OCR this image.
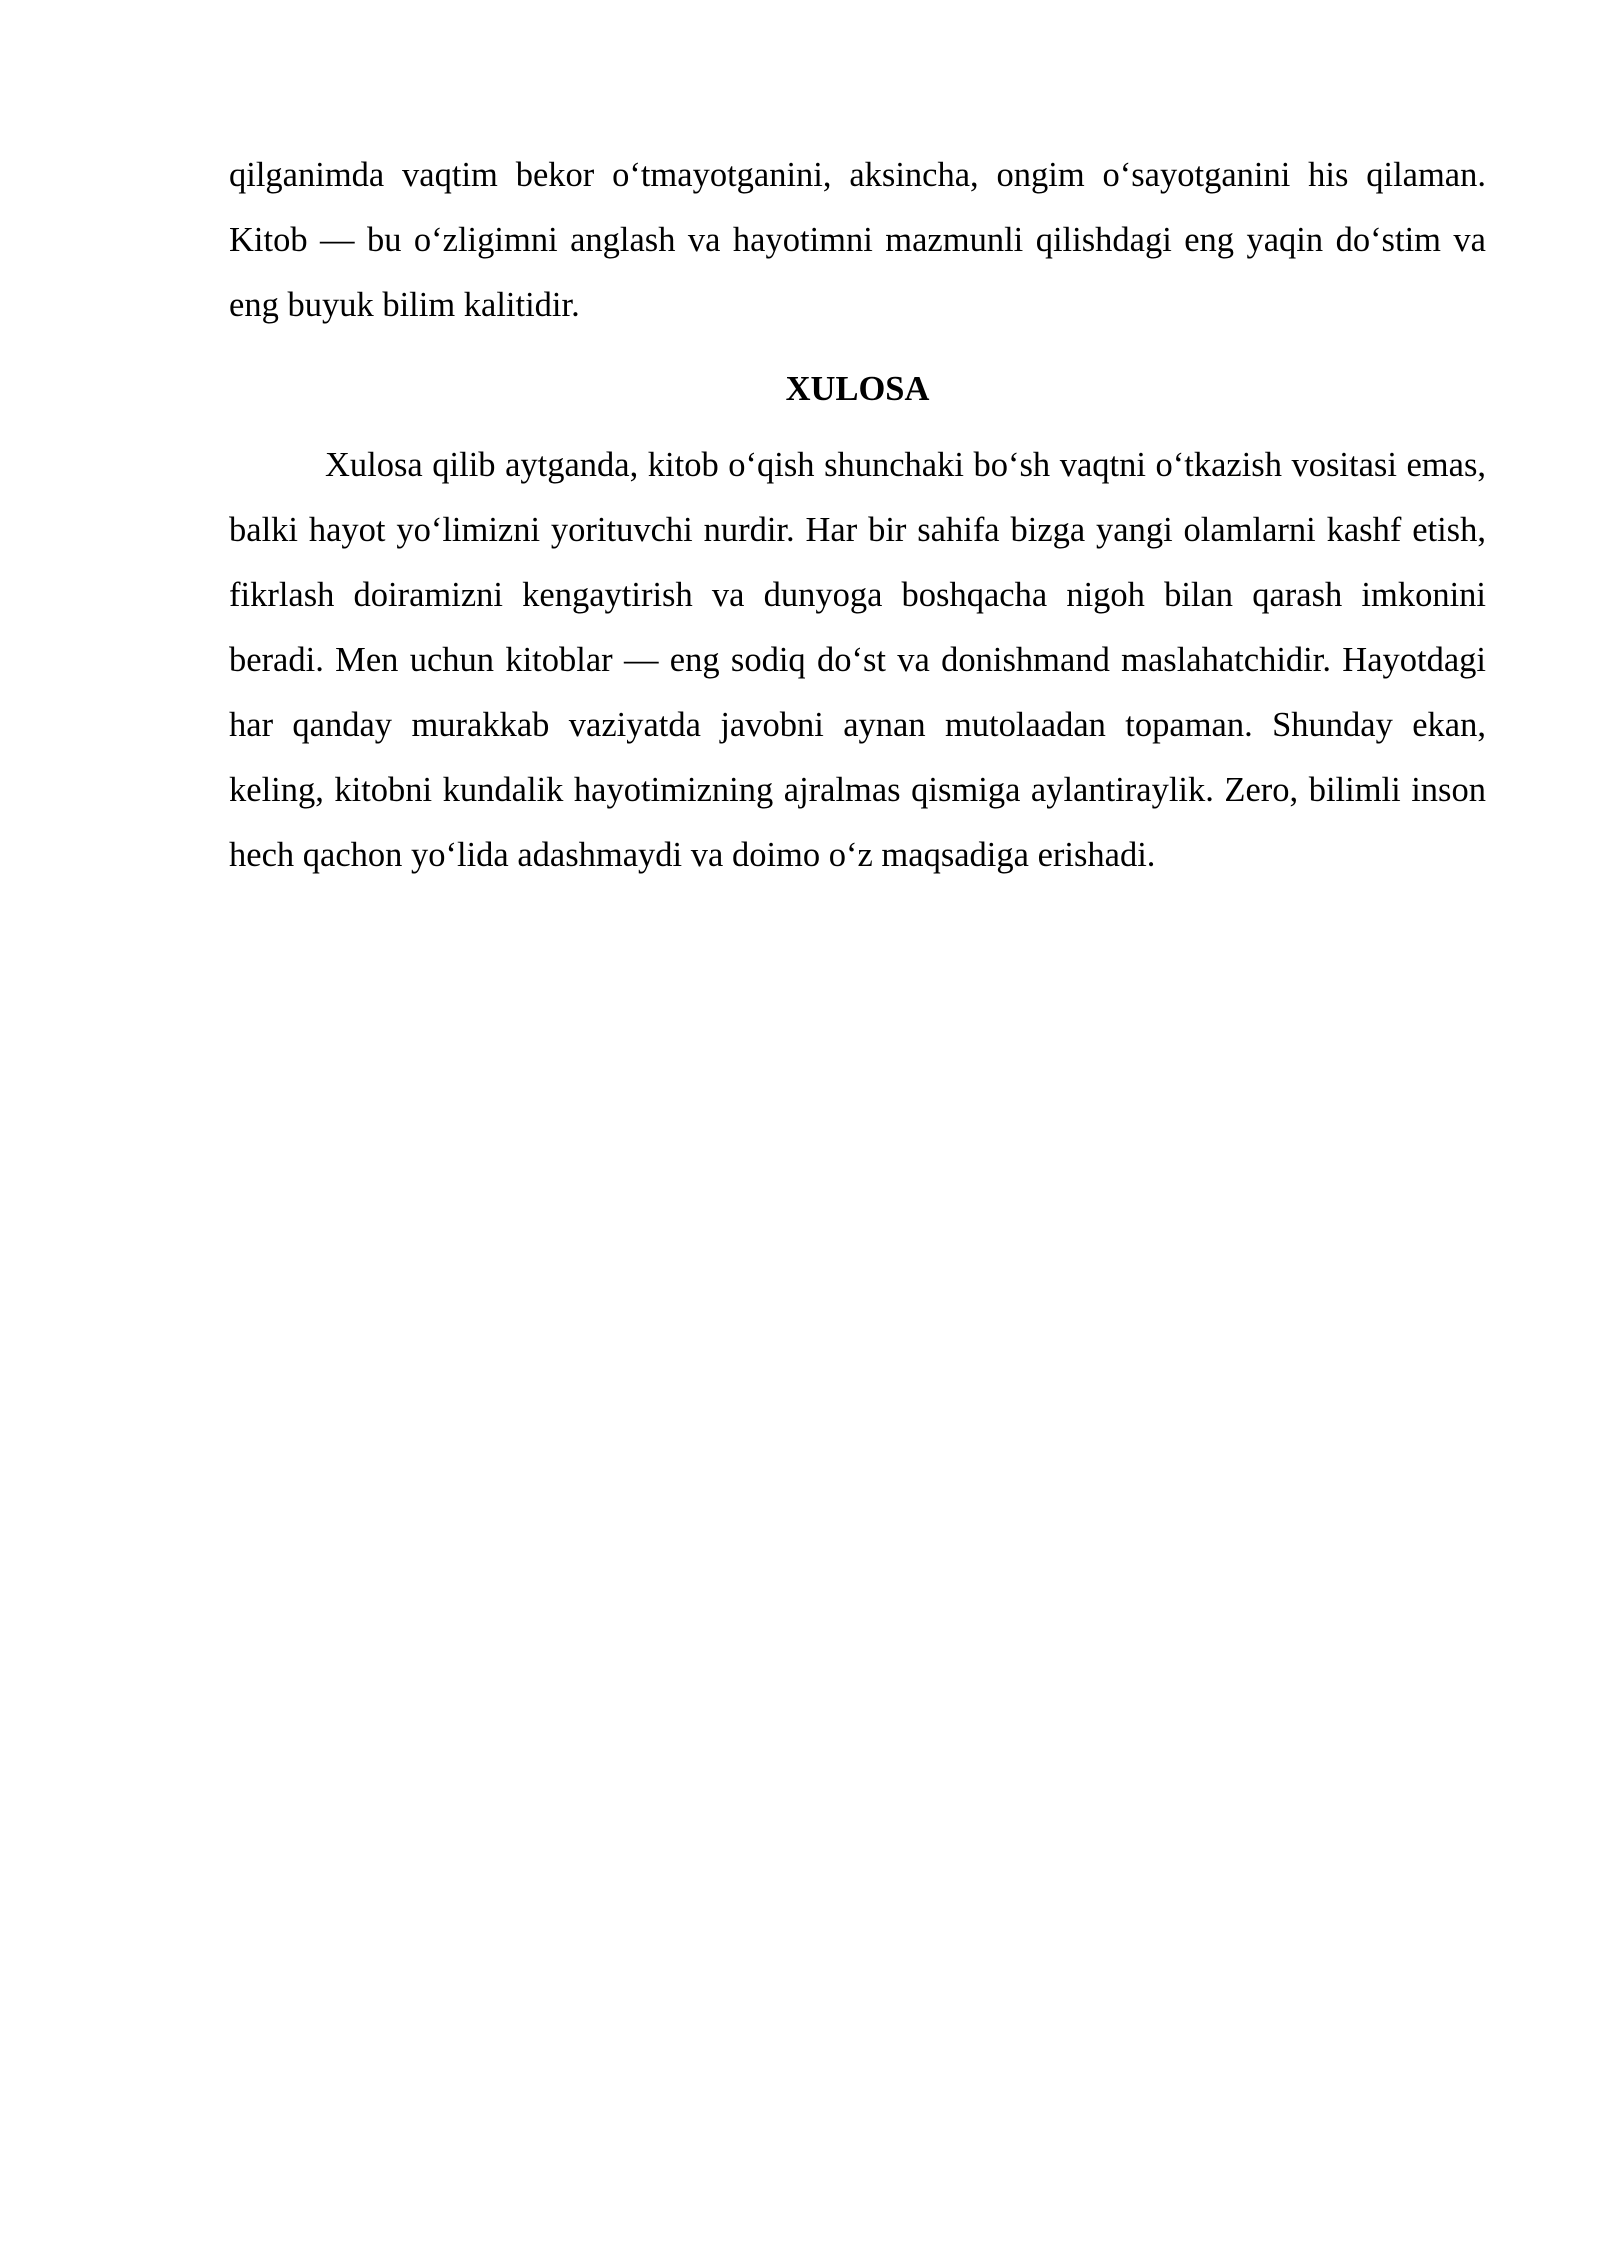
qilganimda vaqtim bekor o‘tmayotganini, aksincha, ongim o‘sayotganini his qilaman. Kitob — bu o‘zligimni anglash va hayotimni mazmunli qilishdagi eng yaqin do‘stim va eng buyuk bilim kalitidir.

XULOSA

Xulosa qilib aytganda, kitob o‘qish shunchaki bo‘sh vaqtni o‘tkazish vositasi emas, balki hayot yo‘limizni yorituvchi nurdir. Har bir sahifa bizga yangi olamlarni kashf etish, fikrlash doiramizni kengaytirish va dunyoga boshqacha nigoh bilan qarash imkonini beradi. Men uchun kitoblar — eng sodiq do‘st va donishmand maslahatchidir. Hayotdagi har qanday murakkab vaziyatda javobni aynan mutolaadan topaman. Shunday ekan, keling, kitobni kundalik hayotimizning ajralmas qismiga aylantiraylik. Zero, bilimli inson hech qachon yo‘lida adashmaydi va doimo o‘z maqsadiga erishadi.
